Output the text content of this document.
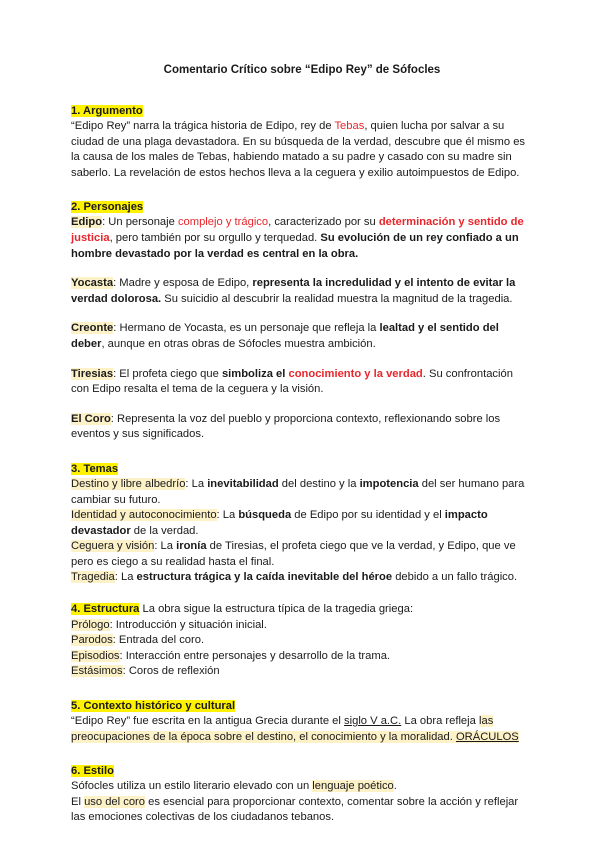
Comentario Crítico sobre “Edipo Rey” de Sófocles
1. Argumento

“Edipo Rey” narra la trágica historia de Edipo, rey de Tebas, quien lucha por salvar a su ciudad de una plaga devastadora. En su búsqueda de la verdad, descubre que él mismo es la causa de los males de Tebas, habiendo matado a su padre y casado con su madre sin saberlo. La revelación de estos hechos lleva a la ceguera y exilio autoimpuestos de Edipo.

2. Personajes

Edipo: Un personaje complejo y trágico, caracterizado por su determinación y sentido de justicia, pero también por su orgullo y terquedad. Su evolución de un rey confiado a un hombre devastado por la verdad es central en la obra.

Yocasta: Madre y esposa de Edipo, representa la incredulidad y el intento de evitar la verdad dolorosa. Su suicidio al descubrir la realidad muestra la magnitud de la tragedia.

Creonte: Hermano de Yocasta, es un personaje que refleja la lealtad y el sentido del deber, aunque en otras obras de Sófocles muestra ambición.

Tiresias: El profeta ciego que simboliza el conocimiento y la verdad. Su confrontación con Edipo resalta el tema de la ceguera y la visión.

El Coro: Representa la voz del pueblo y proporciona contexto, reflexionando sobre los eventos y sus significados.

3. Temas

Destino y libre albedrío: La inevitabilidad del destino y la impotencia del ser humano para cambiar su futuro.

Identidad y autoconocimiento: La búsqueda de Edipo por su identidad y el impacto devastador de la verdad.

Ceguera y visión: La ironía de Tiresias, el profeta ciego que ve la verdad, y Edipo, que ve pero es ciego a su realidad hasta el final.

Tragedia: La estructura trágica y la caída inevitable del héroe debido a un fallo trágico.

4. Estructura La obra sigue la estructura típica de la tragedia griega:

Prólogo: Introducción y situación inicial.

Parodos: Entrada del coro.

Episodios: Interacción entre personajes y desarrollo de la trama.

Estásimos: Coros de reflexión

5. Contexto histórico y cultural

“Edipo Rey” fue escrita en la antigua Grecia durante el siglo V a.C. La obra refleja las preocupaciones de la época sobre el destino, el conocimiento y la moralidad. ORÁCULOS

6. Estilo

Sófocles utiliza un estilo literario elevado con un lenguaje poético.

El uso del coro es esencial para proporcionar contexto, comentar sobre la acción y reflejar las emociones colectivas de los ciudadanos tebanos.
